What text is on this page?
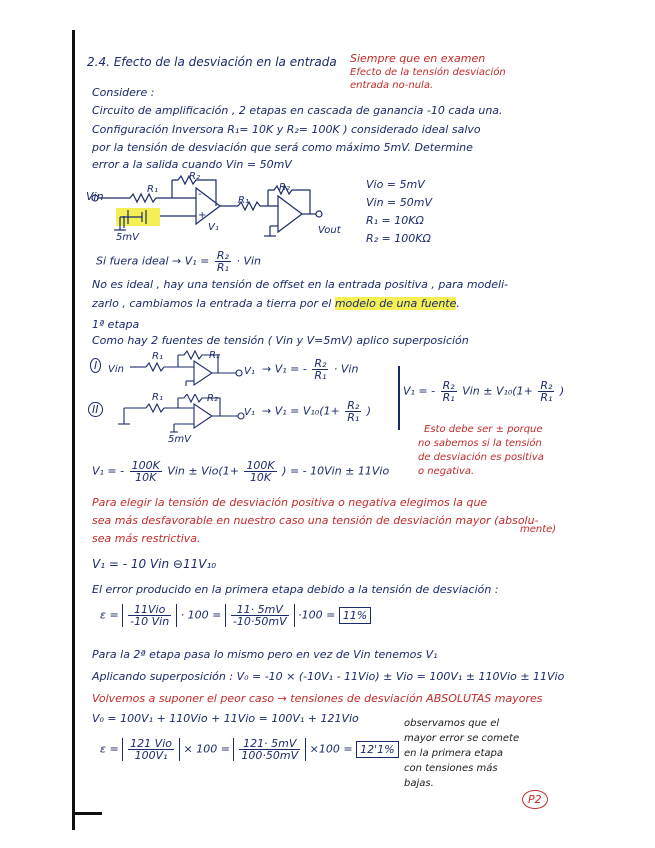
2.4. Efecto de la desviación en la entrada Siempre que en examen
Efecto de la tensión desviación
entrada no-nula.
Considere :
Circuito de amplificación , 2 etapas en cascada de ganancia -10 cada una.
Configuración Inversora R₁= 10K y R₂= 100K ) considerado ideal salvo
por la tensión de desviación que será como máximo 5mV. Determine
error a la salida cuando Vin = 50mV
Vin
R₁
R₂
-
+
V₁
R₁
R₂
Vout
5mV
Vio = 5mV
Vin = 50mV
R₁ = 10KΩ
R₂ = 100KΩ
Si fuera ideal → $V_1 = \frac{\text{R₂}}{\text{R₁}}$ · Vin
No es ideal , hay una tensión de offset en la entrada positiva , para modeli-
zarlo , cambiamos la entrada a tierra por el modelo de una fuente.
1ª etapa
Como hay 2 fuentes de tensión ( Vin y V=5mV) aplico superposición
I	Vin
R₁	R₂
V₁ → V₁ = - $\frac{\text{R₂}}{\text{R₁}}$ · Vin
II
R₁	R₂
V₁
5mV
→ $V_1 = V_{10}(1+ \frac{\text{R₂}}{\text{R₁}}$ )
V₁ = - $\frac{\text{R₂}}{\text{R₁}}$ Vin ± $V_{10}(1+ \frac{\text{R₂}}{\text{R₁}}$ )
Esto debe ser ± porque
no sabemos si la tensión
de desviación es positiva
o negativa.
V₁ = - $\frac{100K}{10K}$ Vin ± $Vio(1+ \frac{100K}{10K}$ ) = - 10Vin ± 11Vio
Para elegir la tensión de desviación positiva o negativa elegimos la que
sea más desfavorable en nuestro caso una tensión de desviación mayor (absolu-
sea más restrictiva.
mente)
V₁ = - 10 Vin ⊖11V₁₀
El error producido en la primera etapa debido a la tensión de desviación :
$\varepsilon = \frac{\text{11Vio}}{\text{-10 Vin}} \cdot 100 = \frac{11\cdot 5mV}{-10\cdot 50mV} \cdot 100 = 11\%$
Para la 2ª etapa pasa lo mismo pero en vez de Vin tenemos V₁
Aplicando superposición : V₀ = -10 × (-10V₁ - 11Vio) ± Vio = 100V₁ ± 110Vio ± 11Vio
Volvemos a suponer el peor caso → tensiones de desviación ABSOLUTAS mayores
V₀ = 100V₁ + 110Vio + 11Vio = 100V₁ + 121Vio
$\varepsilon = \frac{\text{121 Vio}}{\text{100V₁}} \times 100 = \frac{121\cdot 5mV}{100\cdot 50mV} \times 100 = 12'1\%$
observamos que el
mayor error se comete
en la primera etapa
con tensiones más
bajas.
P2
